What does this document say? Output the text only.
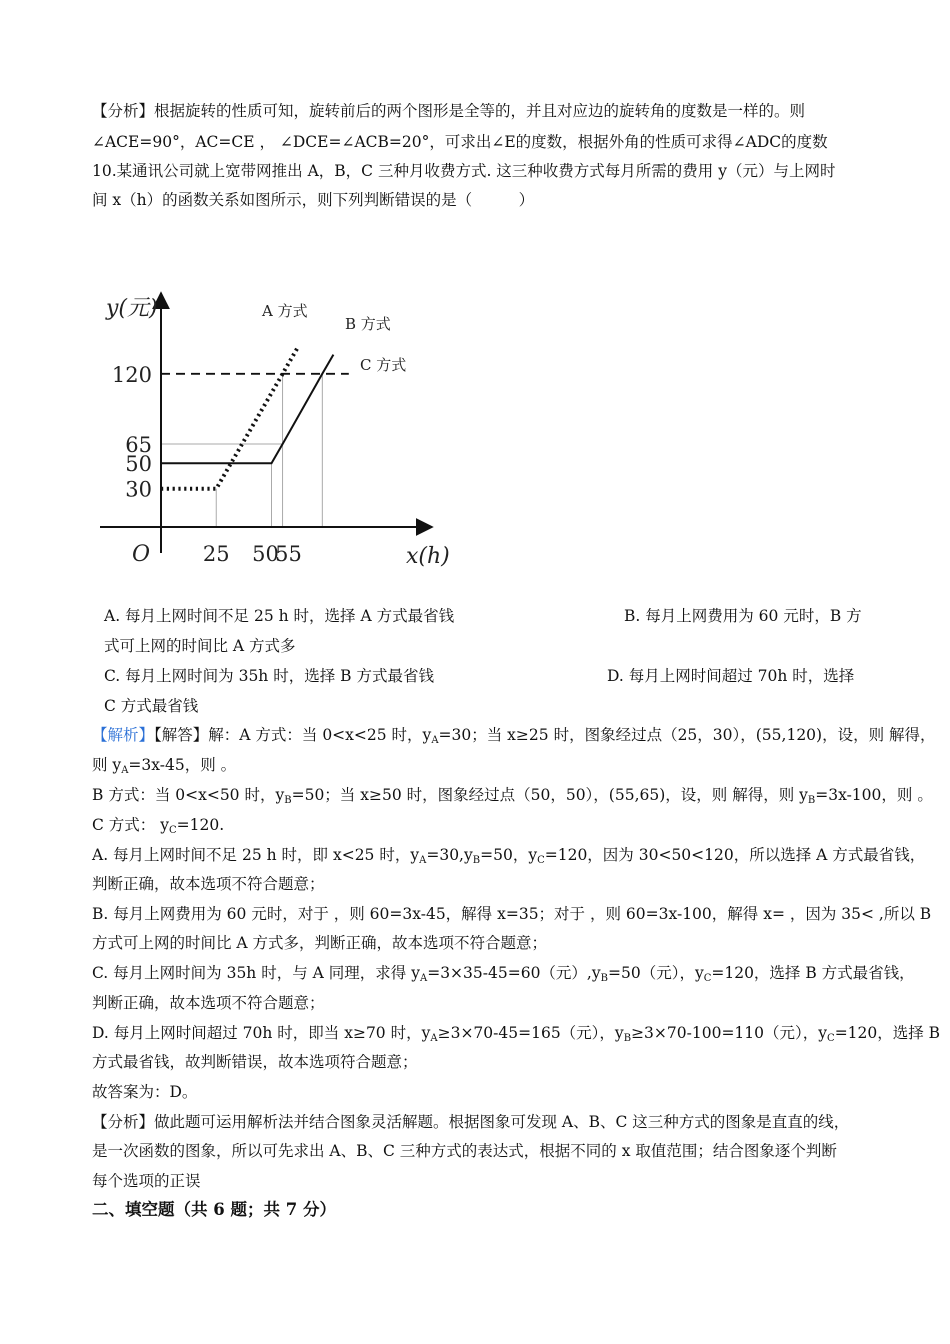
【分析】根据旋转的性质可知，旋转前后的两个图形是全等的，并且对应边的旋转角的度数是一样的。则
∠ACE=90°，AC=CE ， ∠DCE=∠ACB=20°，可求出∠E的度数，根据外角的性质可求得∠ADC的度数
10.某通讯公司就上宽带网推出 A，B，C 三种月收费方式. 这三种收费方式每月所需的费用 y（元）与上网时
间 x（h）的函数关系如图所示，则下列判断错误的是（　　　）
y(元)
x(h)
O	25 50
55
30
50
65
120
A 方式
B 方式
C 方式
A. 每月上网时间不足 25 h 时，选择 A 方式最省钱	B. 每月上网费用为 60 元时，B 方
式可上网的时间比 A 方式多
C. 每月上网时间为 35h 时，选择 B 方式最省钱	D. 每月上网时间超过 70h 时，选择
C 方式最省钱
【解析】【解答】解：A 方式：当 0<x<25 时，$y_A=30$；当 x≥25 时，图象经过点（25，30），(55,120)，设，则 解得，
则 $y_A=3x-45$，则 。
B 方式：当 0<x<50 时，$y_B=50$；当 x≥50 时，图象经过点（50，50），(55,65)，设，则 解得，则 $y_B=3x-100$，则 。
C 方式： $y_C=120$.
A. 每月上网时间不足 25 h 时，即 x<25 时，$y_A=30,y_B=50$，$y_C=120$，因为 30<50<120，所以选择 A 方式最省钱，
判断正确，故本选项不符合题意；
B. 每月上网费用为 60 元时，对于 ，则 60=3x-45，解得 x=35；对于 ，则 60=3x-100，解得 x= ，因为 35< ,所以 B
方式可上网的时间比 A 方式多，判断正确，故本选项不符合题意；
C. 每月上网时间为 35h 时，与 A 同理，求得 $y_A=3\times 35-45=60$（元）$,y_B=50$（元），$y_C=120$，选择 B 方式最省钱，
判断正确，故本选项不符合题意；
D. 每月上网时间超过 70h 时，即当 x≥70 时，$y_A\ge 3\times 70-45=165$（元），$y_B\ge 3\times 70-100=110$（元），$y_C=120$，选择 B
方式最省钱，故判断错误，故本选项符合题意；
故答案为：D。
【分析】做此题可运用解析法并结合图象灵活解题。根据图象可发现 A、B、C 这三种方式的图象是直直的线，
是一次函数的图象，所以可先求出 A、B、C 三种方式的表达式，根据不同的 x 取值范围；结合图象逐个判断
每个选项的正误
二、填空题（共 6 题；共 7 分）
